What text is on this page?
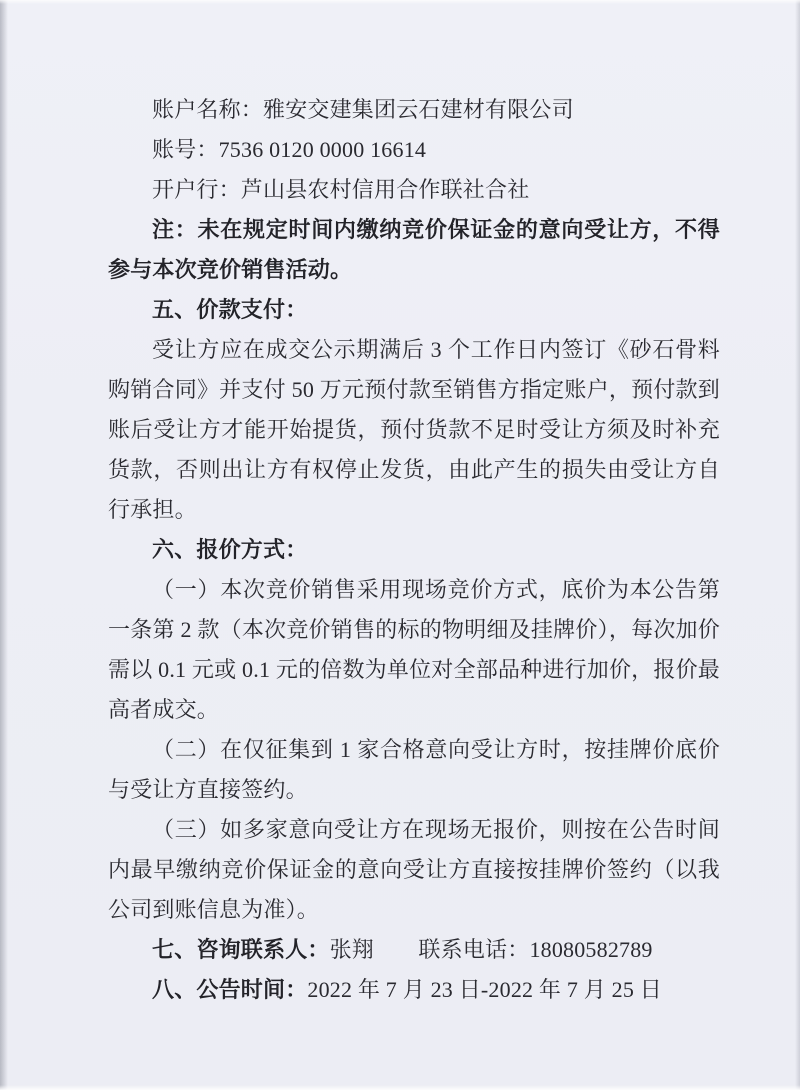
账户名称：雅安交建集团云石建材有限公司

账号：7536 0120 0000 16614

开户行：芦山县农村信用合作联社合社

注：未在规定时间内缴纳竞价保证金的意向受让方，不得参与本次竞价销售活动。

五、价款支付：

受让方应在成交公示期满后 3 个工作日内签订《砂石骨料购销合同》并支付 50 万元预付款至销售方指定账户，预付款到账后受让方才能开始提货，预付货款不足时受让方须及时补充货款，否则出让方有权停止发货，由此产生的损失由受让方自行承担。

六、报价方式：

（一）本次竞价销售采用现场竞价方式，底价为本公告第一条第 2 款（本次竞价销售的标的物明细及挂牌价），每次加价需以 0.1 元或 0.1 元的倍数为单位对全部品种进行加价，报价最高者成交。

（二）在仅征集到 1 家合格意向受让方时，按挂牌价底价与受让方直接签约。

（三）如多家意向受让方在现场无报价，则按在公告时间内最早缴纳竞价保证金的意向受让方直接按挂牌价签约（以我公司到账信息为准）。

七、咨询联系人：张翔　　 联系电话：18080582789

八、公告时间：2022 年 7 月 23 日-2022 年 7 月 25 日
